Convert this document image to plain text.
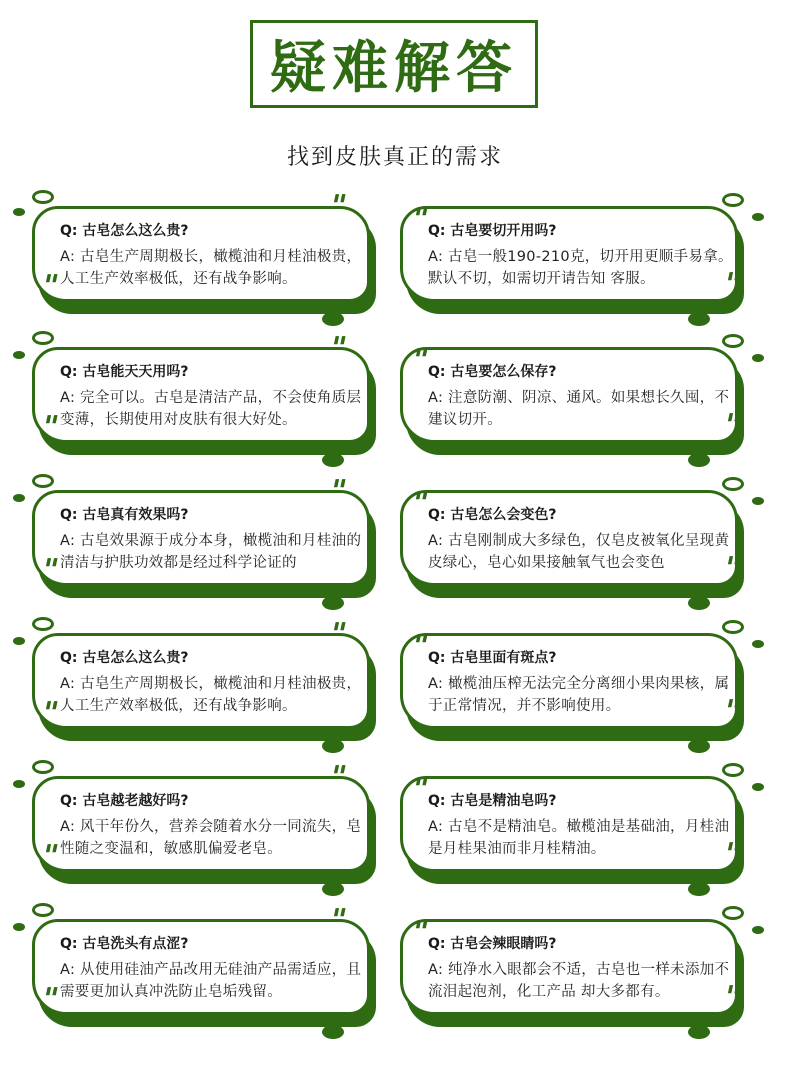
疑难解答
找到皮肤真正的需求
Q: 古皂怎么这么贵?
A: 古皂生产周期极长，橄榄油和月桂油极贵，人工生产效率极低，还有战争影响。
Q: 古皂能天天用吗?
A: 完全可以。古皂是清洁产品，不会使角质层变薄，长期使用对皮肤有很大好处。
Q: 古皂真有效果吗?
A: 古皂效果源于成分本身，橄榄油和月桂油的清洁与护肤功效都是经过科学论证的
Q: 古皂怎么这么贵?
A: 古皂生产周期极长，橄榄油和月桂油极贵，人工生产效率极低，还有战争影响。
Q: 古皂越老越好吗?
A: 风干年份久，营养会随着水分一同流失，皂性随之变温和，敏感肌偏爱老皂。
Q: 古皂洗头有点涩?
A: 从使用硅油产品改用无硅油产品需适应，且需要更加认真冲洗防止皂垢残留。
Q: 古皂要切开用吗?
A: 古皂一般190-210克，切开用更顺手易拿。默认不切，如需切开请告知 客服。
Q: 古皂要怎么保存?
A: 注意防潮、阴凉、通风。如果想长久囤，不建议切开。
Q: 古皂怎么会变色?
A: 古皂刚制成大多绿色，仅皂皮被氧化呈现黄皮绿心，皂心如果接触氧气也会变色
Q: 古皂里面有斑点?
A: 橄榄油压榨无法完全分离细小果肉果核，属于正常情况，并不影响使用。
Q: 古皂是精油皂吗?
A: 古皂不是精油皂。橄榄油是基础油，月桂油是月桂果油而非月桂精油。
Q: 古皂会辣眼睛吗?
A: 纯净水入眼都会不适，古皂也一样未添加不流泪起泡剂，化工产品 却大多都有。
"
"
"
"
"
"
"
"
"
"
"
"
"
"
"
"
"
"
"
"
"
"
"
"
